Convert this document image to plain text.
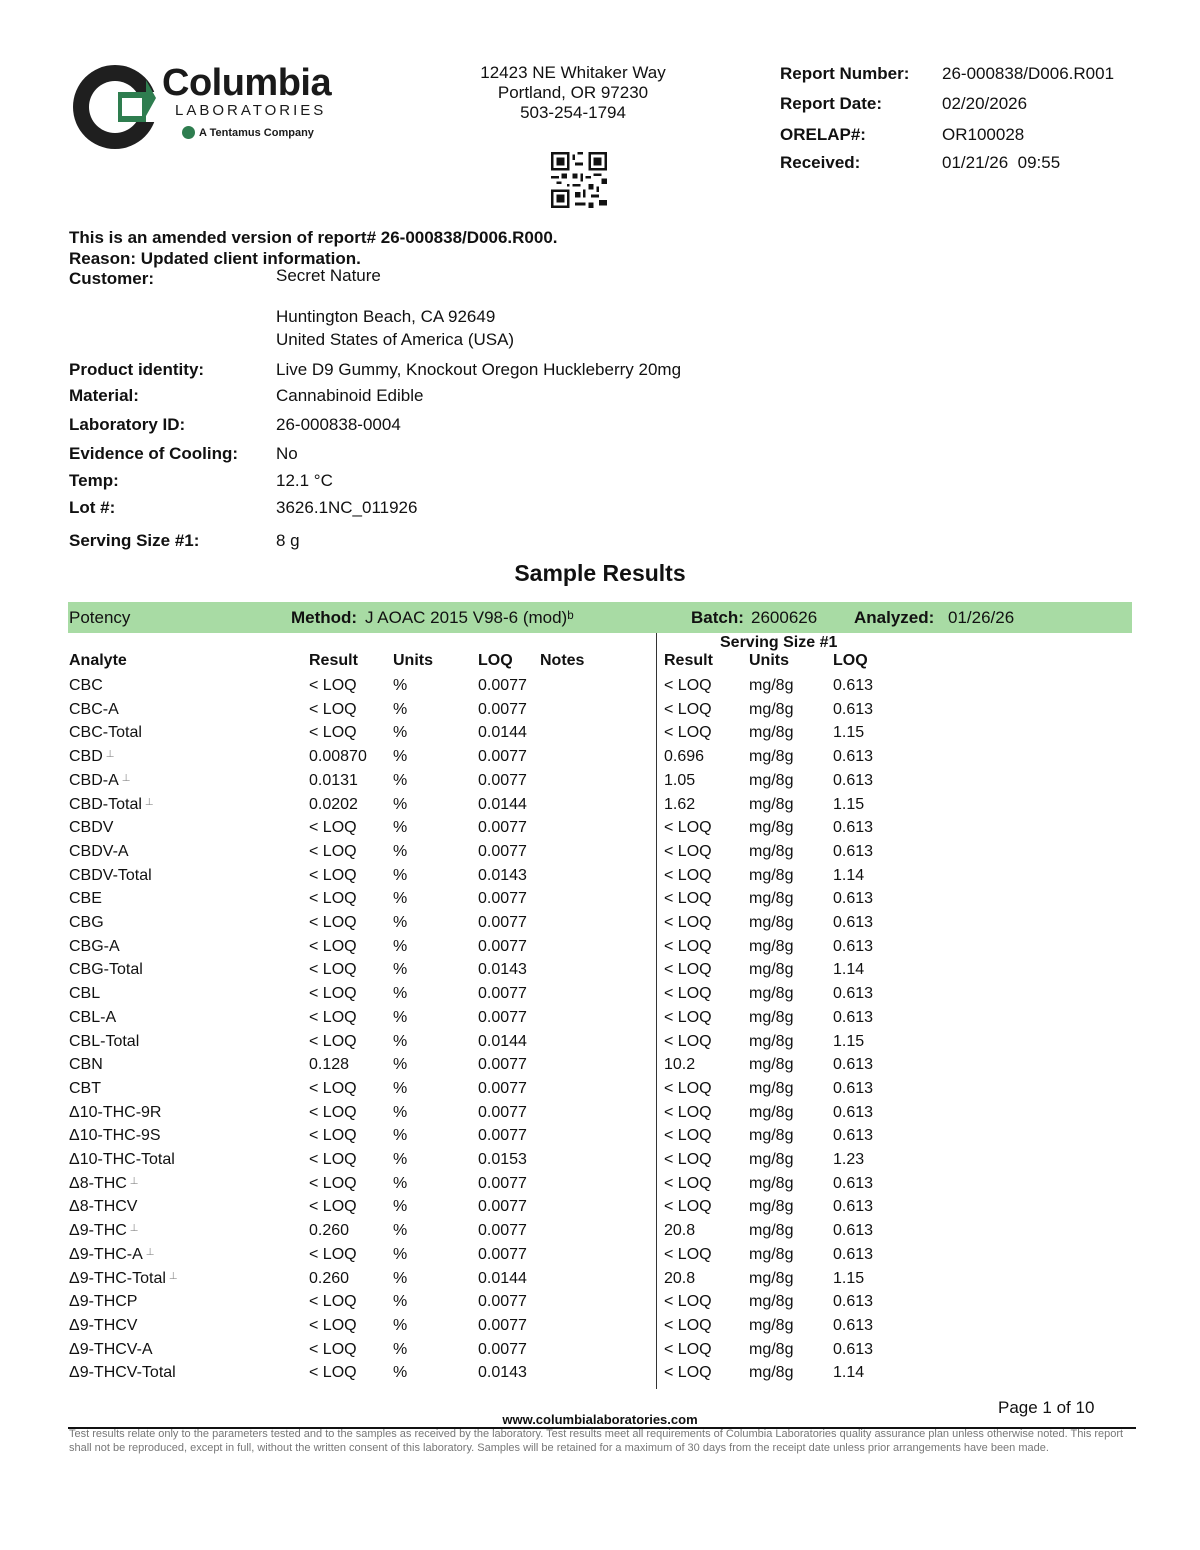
Columbia
LABORATORIES
A Tentamus Company
12423 NE Whitaker Way
Portland, OR 97230
503-254-1794
Report Number: 26-000838/D006.R001
Report Date:	02/20/2026
ORELAP#:	OR100028
Received:	01/21/26  09:55
This is an amended version of report# 26-000838/D006.R000.
Reason: Updated client information.
Customer:	Secret Nature
Huntington Beach, CA 92649
United States of America (USA)
Product identity:	Live D9 Gummy, Knockout Oregon Huckleberry 20mg
Material:	Cannabinoid Edible
Laboratory ID:	26-000838-0004
Evidence of Cooling: No
Temp:	12.1 °C
Lot #:	3626.1NC_011926
Serving Size #1:	8 g
Sample Results
Potency	Method: J AOAC 2015 V98-6 (mod)ᵇ	Batch: 2600626 Analyzed: 01/26/26
Serving Size #1
Analyte	Result Units	LOQ Notes	Result Units	LOQ
CBC	< LOQ %	0.0077	< LOQ mg/8g 0.613
CBC-A	< LOQ %	0.0077	< LOQ mg/8g 0.613
CBC-Total	< LOQ %	0.0144	< LOQ mg/8g 1.15
CBD ⊥	0.00870 %	0.0077	0.696	mg/8g 0.613
CBD-A ⊥	0.0131 %	0.0077	1.05	mg/8g 0.613
CBD-Total ⊥	0.0202 %	0.0144	1.62	mg/8g 1.15
CBDV	< LOQ %	0.0077	< LOQ mg/8g 0.613
CBDV-A	< LOQ %	0.0077	< LOQ mg/8g 0.613
CBDV-Total	< LOQ %	0.0143	< LOQ mg/8g 1.14
CBE	< LOQ %	0.0077	< LOQ mg/8g 0.613
CBG	< LOQ %	0.0077	< LOQ mg/8g 0.613
CBG-A	< LOQ %	0.0077	< LOQ mg/8g 0.613
CBG-Total	< LOQ %	0.0143	< LOQ mg/8g 1.14
CBL	< LOQ %	0.0077	< LOQ mg/8g 0.613
CBL-A	< LOQ %	0.0077	< LOQ mg/8g 0.613
CBL-Total	< LOQ %	0.0144	< LOQ mg/8g 1.15
CBN	0.128	%	0.0077	10.2	mg/8g 0.613
CBT	< LOQ %	0.0077	< LOQ mg/8g 0.613
Δ10-THC-9R	< LOQ %	0.0077	< LOQ mg/8g 0.613
Δ10-THC-9S	< LOQ %	0.0077	< LOQ mg/8g 0.613
Δ10-THC-Total	< LOQ %	0.0153	< LOQ mg/8g 1.23
Δ8-THC ⊥	< LOQ %	0.0077	< LOQ mg/8g 0.613
Δ8-THCV	< LOQ %	0.0077	< LOQ mg/8g 0.613
Δ9-THC ⊥	0.260	%	0.0077	20.8	mg/8g 0.613
Δ9-THC-A ⊥	< LOQ %	0.0077	< LOQ mg/8g 0.613
Δ9-THC-Total ⊥	0.260	%	0.0144	20.8	mg/8g 1.15
Δ9-THCP	< LOQ %	0.0077	< LOQ mg/8g 0.613
Δ9-THCV	< LOQ %	0.0077	< LOQ mg/8g 0.613
Δ9-THCV-A	< LOQ %	0.0077	< LOQ mg/8g 0.613
Δ9-THCV-Total	< LOQ %	0.0143	< LOQ mg/8g 1.14
Page 1 of 10
www.columbialaboratories.com
Test results relate only to the parameters tested and to the samples as received by the laboratory. Test results meet all requirements of Columbia Laboratories quality assurance plan unless otherwise noted. This report shall not be reproduced, except in full, without the written consent of this laboratory. Samples will be retained for a maximum of 30 days from the receipt date unless prior arrangements have been made.
